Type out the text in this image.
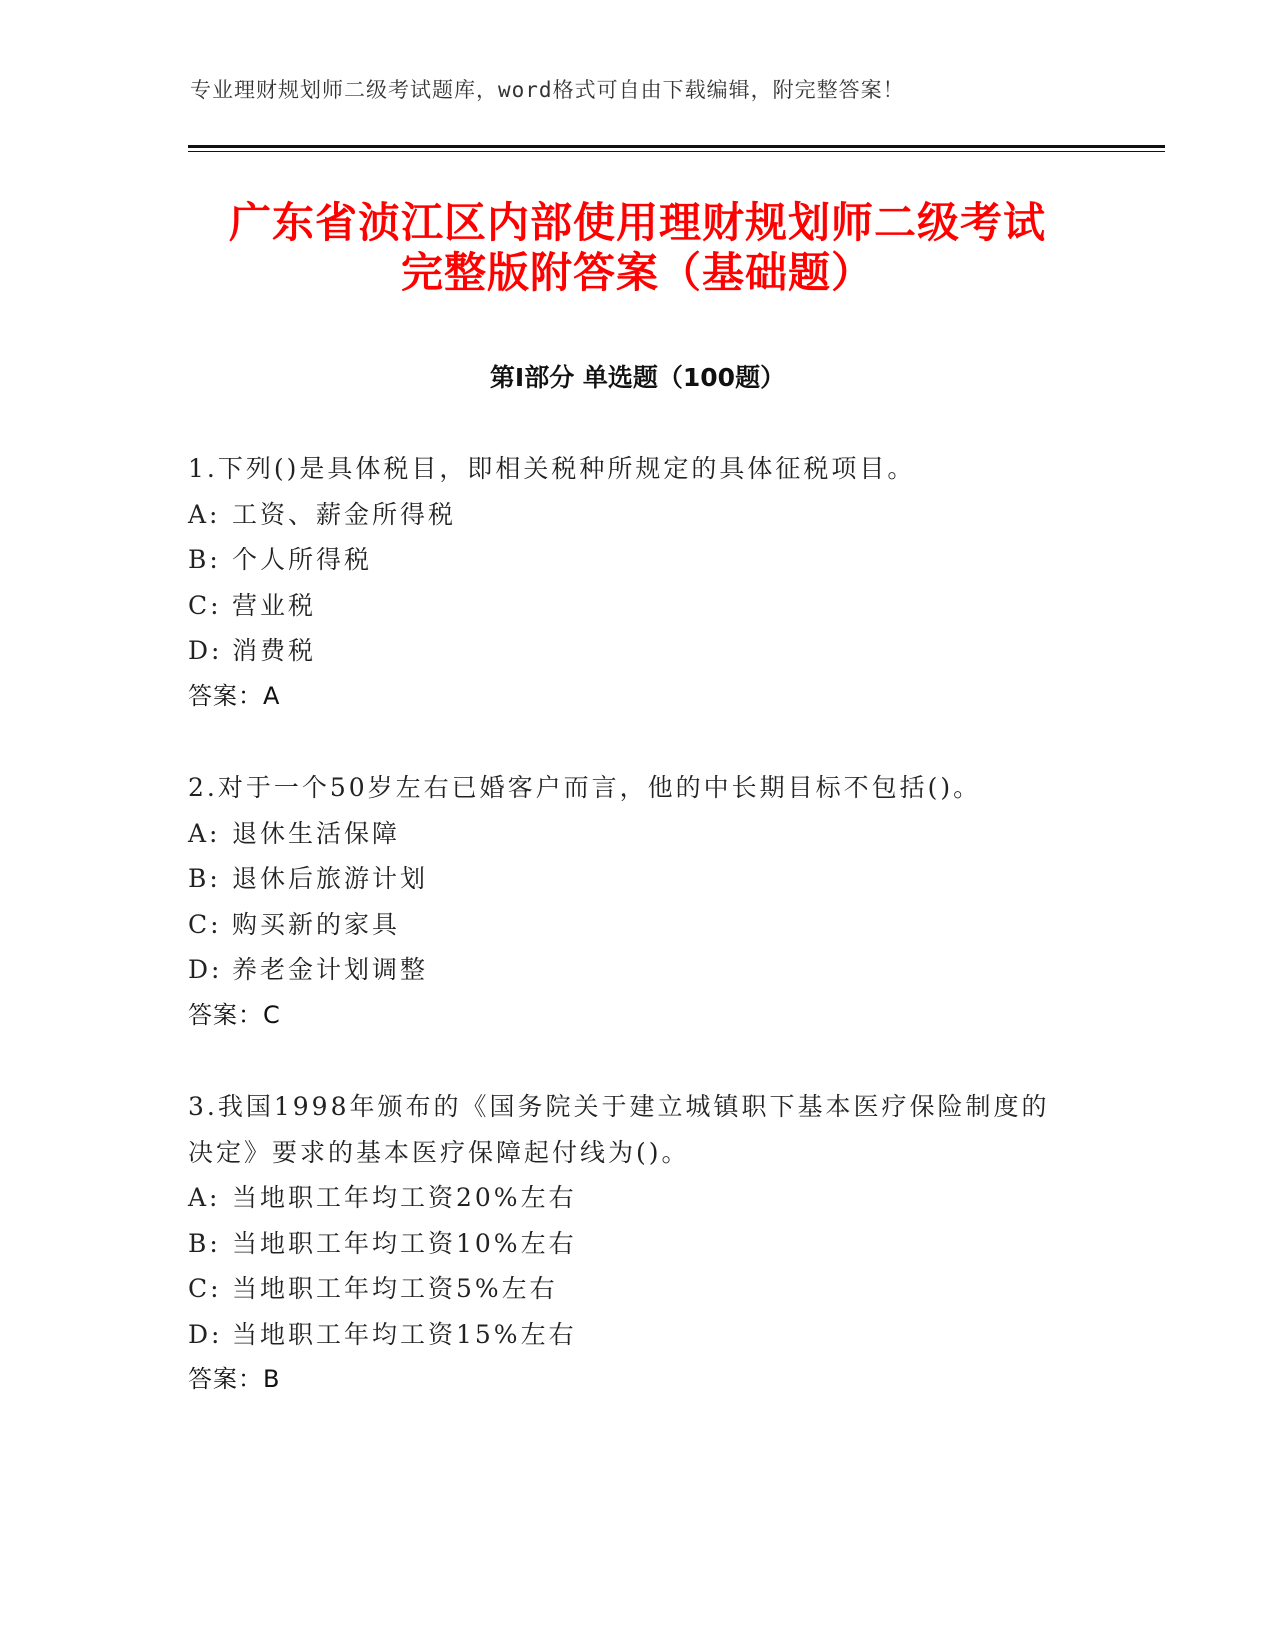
专业理财规划师二级考试题库，word格式可自由下载编辑，附完整答案！
广东省浈江区内部使用理财规划师二级考试
完整版附答案（基础题）
第Ⅰ部分 单选题（100题）
1.下列()是具体税目，即相关税种所规定的具体征税项目。
A: 工资、薪金所得税
B: 个人所得税
C: 营业税
D: 消费税
答案：A
2.对于一个50岁左右已婚客户而言，他的中长期目标不包括()。
A: 退休生活保障
B: 退休后旅游计划
C: 购买新的家具
D: 养老金计划调整
答案：C
3.我国1998年颁布的《国务院关于建立城镇职下基本医疗保险制度的
决定》要求的基本医疗保障起付线为()。
A: 当地职工年均工资20%左右
B: 当地职工年均工资10%左右
C: 当地职工年均工资5%左右
D: 当地职工年均工资15%左右
答案：B
